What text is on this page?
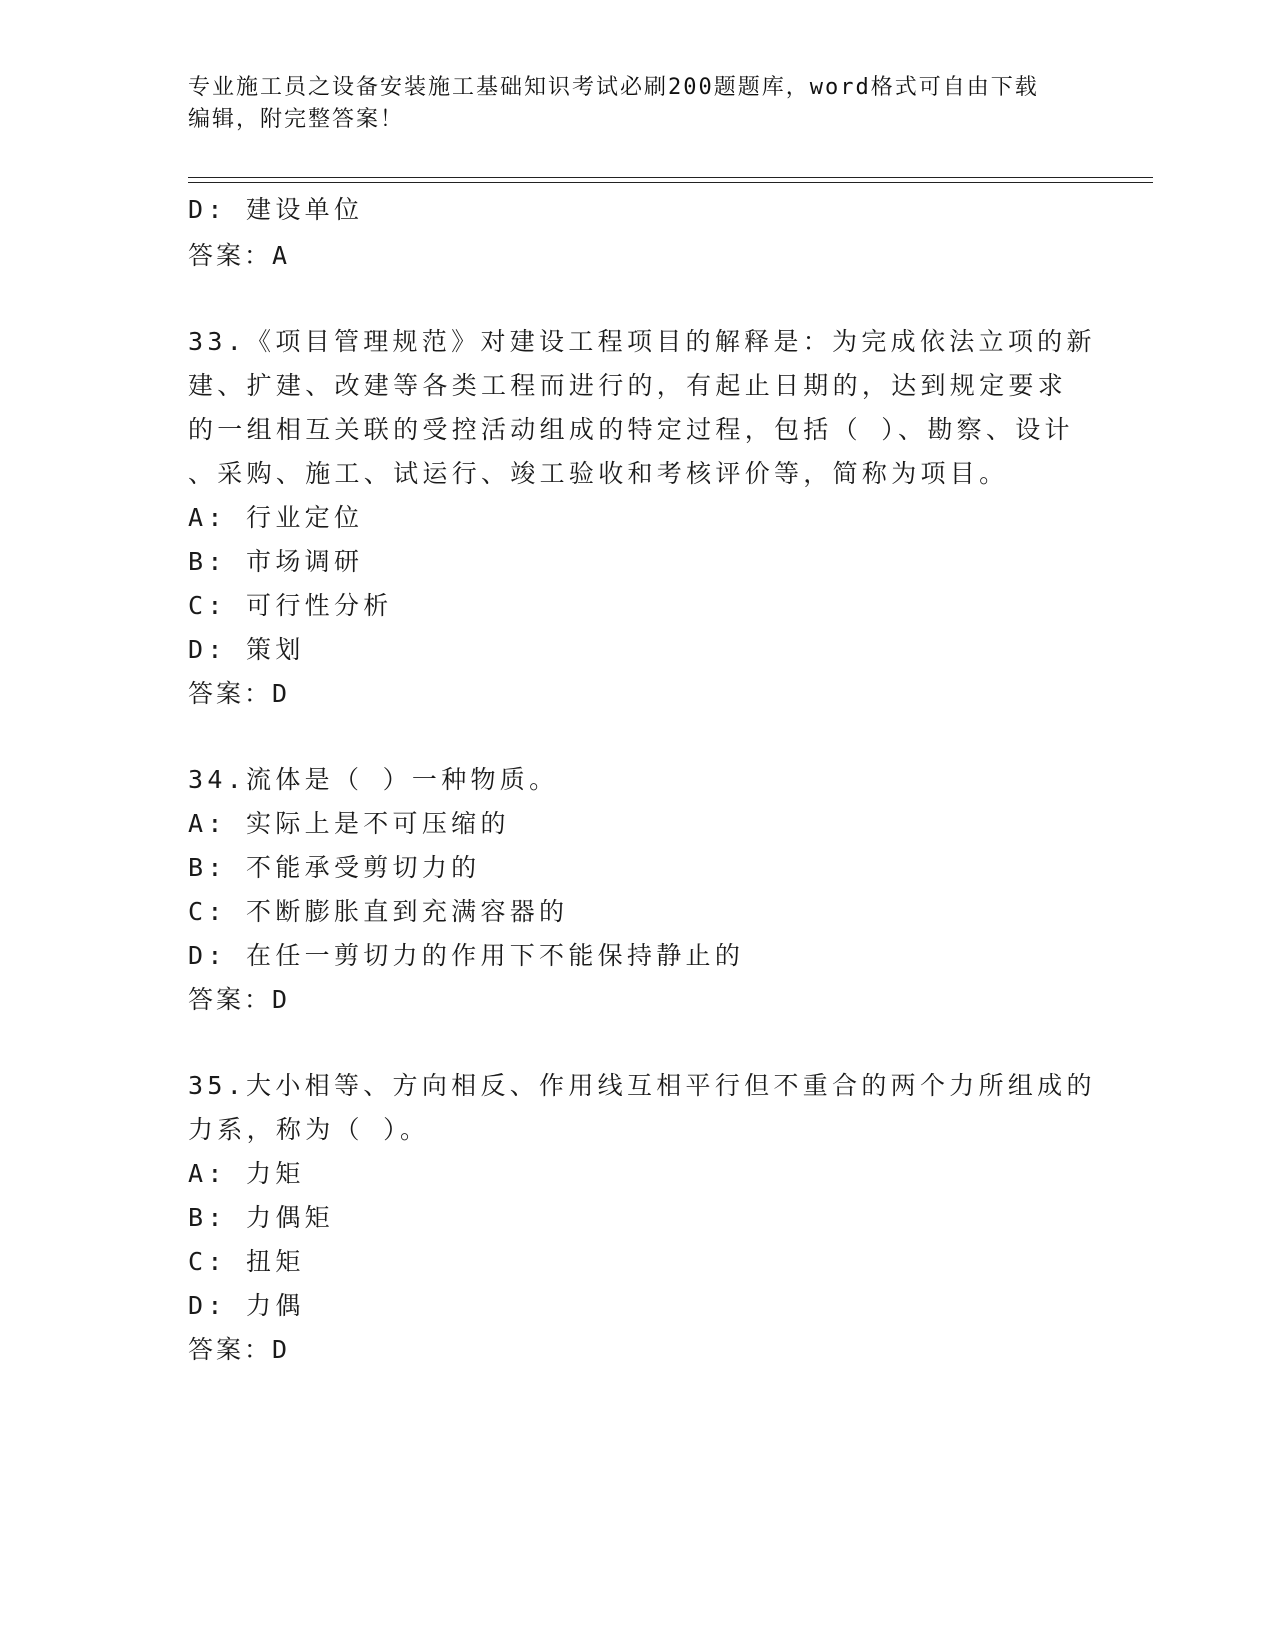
专业施工员之设备安装施工基础知识考试必刷200题题库，word格式可自由下载
编辑，附完整答案！
D: 建设单位
答案：A
33.《项目管理规范》对建设工程项目的解释是：为完成依法立项的新
建、扩建、改建等各类工程而进行的，有起止日期的，达到规定要求
的一组相互关联的受控活动组成的特定过程，包括（ ）、勘察、设计
、采购、施工、试运行、竣工验收和考核评价等，简称为项目。
A: 行业定位
B: 市场调研
C: 可行性分析
D: 策划
答案：D
34.流体是（ ）一种物质。
A: 实际上是不可压缩的
B: 不能承受剪切力的
C: 不断膨胀直到充满容器的
D: 在任一剪切力的作用下不能保持静止的
答案：D
35.大小相等、方向相反、作用线互相平行但不重合的两个力所组成的
力系，称为（ ）。
A: 力矩
B: 力偶矩
C: 扭矩
D: 力偶
答案：D
